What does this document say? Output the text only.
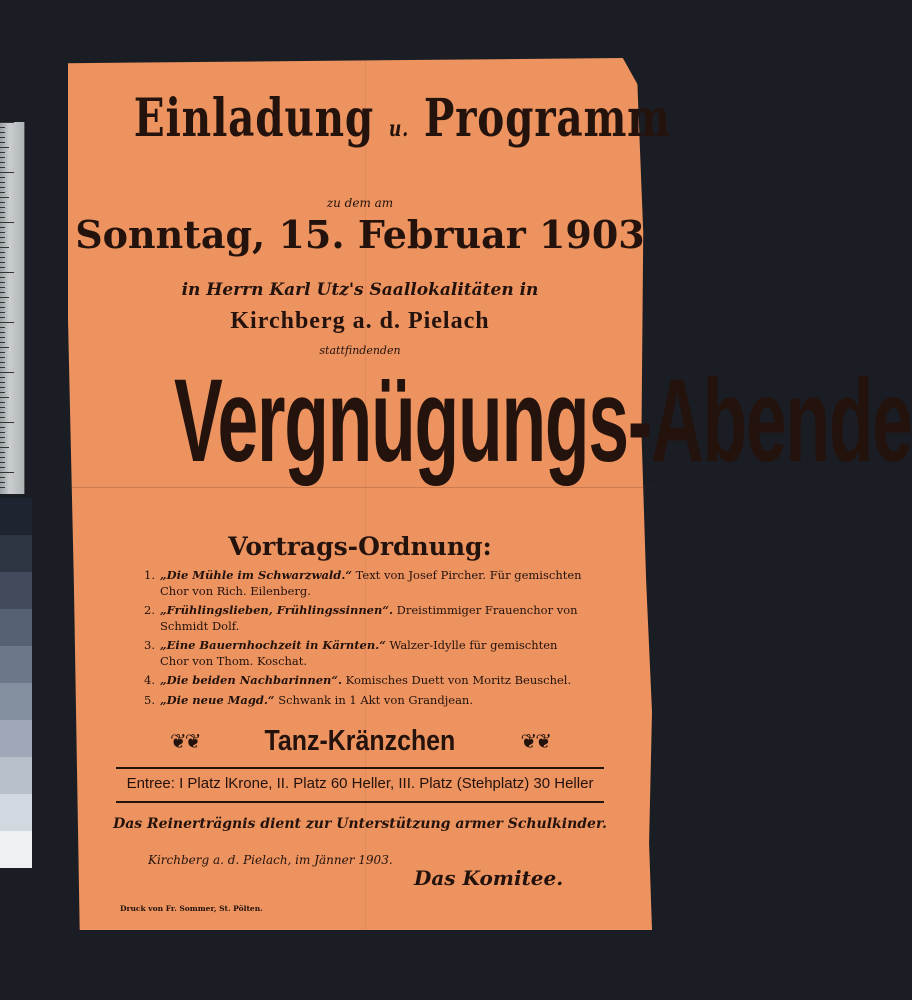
Einladung u. Programm
zu dem am
Sonntag, 15. Februar 1903
in Herrn Karl Utz's Saallokalitäten in
Kirchberg a. d. Pielach
stattfindenden
Vergnügungs-Abende
Vortrags-Ordnung:
1. „Die Mühle im Schwarzwald.“ Text von Josef Pircher. Für gemischten Chor von Rich. Eilenberg.
2. „Frühlingslieben, Frühlingssinnen“. Dreistimmiger Frauenchor von Schmidt Dolf.
3. „Eine Bauernhochzeit in Kärnten.“ Walzer-Idylle für gemischten Chor von Thom. Koschat.
4. „Die beiden Nachbarinnen“. Komisches Duett von Moritz Beuschel.
5. „Die neue Magd.“ Schwank in 1 Akt von Grandjean.
❦❦ Tanz-Kränzchen	❦❦
Entree: I Platz lKrone, II. Platz 60 Heller, III. Platz (Stehplatz) 30 Heller
Das Reinerträgnis dient zur Unterstützung armer Schulkinder.
Kirchberg a. d. Pielach, im Jänner 1903.
Das Komitee.
Druck von Fr. Sommer, St. Pölten.
